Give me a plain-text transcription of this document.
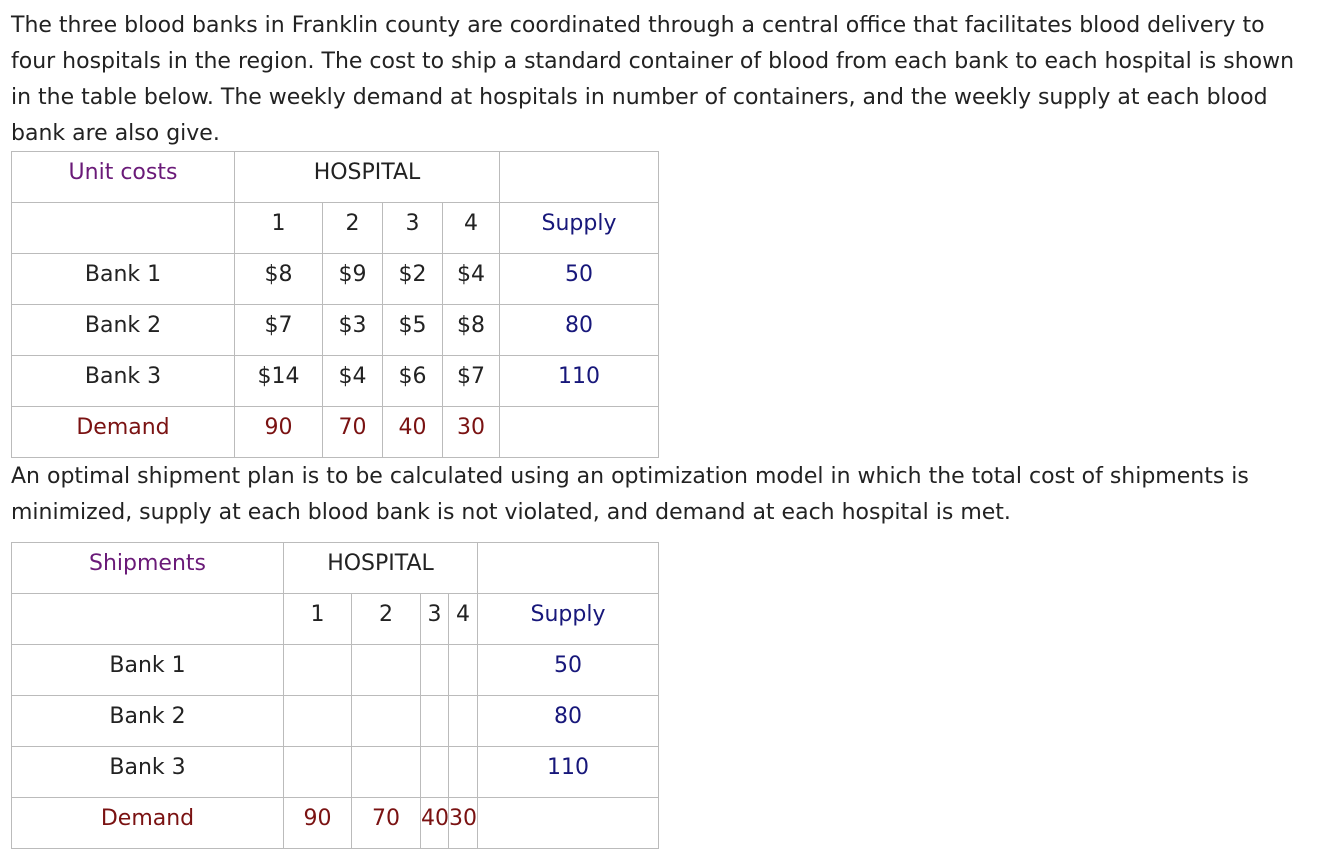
The three blood banks in Franklin county are coordinated through a central office that facilitates blood delivery to four hospitals in the region. The cost to ship a standard container of blood from each bank to each hospital is shown in the table below. The weekly demand at hospitals in number of containers, and the weekly supply at each blood bank are also give.

Unit costs	HOSPITAL				
	1	2	3	4	Supply
Bank 1	$8	$9	$2	$4	50
Bank 2	$7	$3	$5	$8	80
Bank 3	$14	$4	$6	$7	110
Demand	90	70	40	30	

An optimal shipment plan is to be calculated using an optimization model in which the total cost of shipments is minimized, supply at each blood bank is not violated, and demand at each hospital is met.

Shipments	HOSPITAL				
	1	2	3	4	Supply
Bank 1					50
Bank 2					80
Bank 3					110
Demand	90	70	40	30	
